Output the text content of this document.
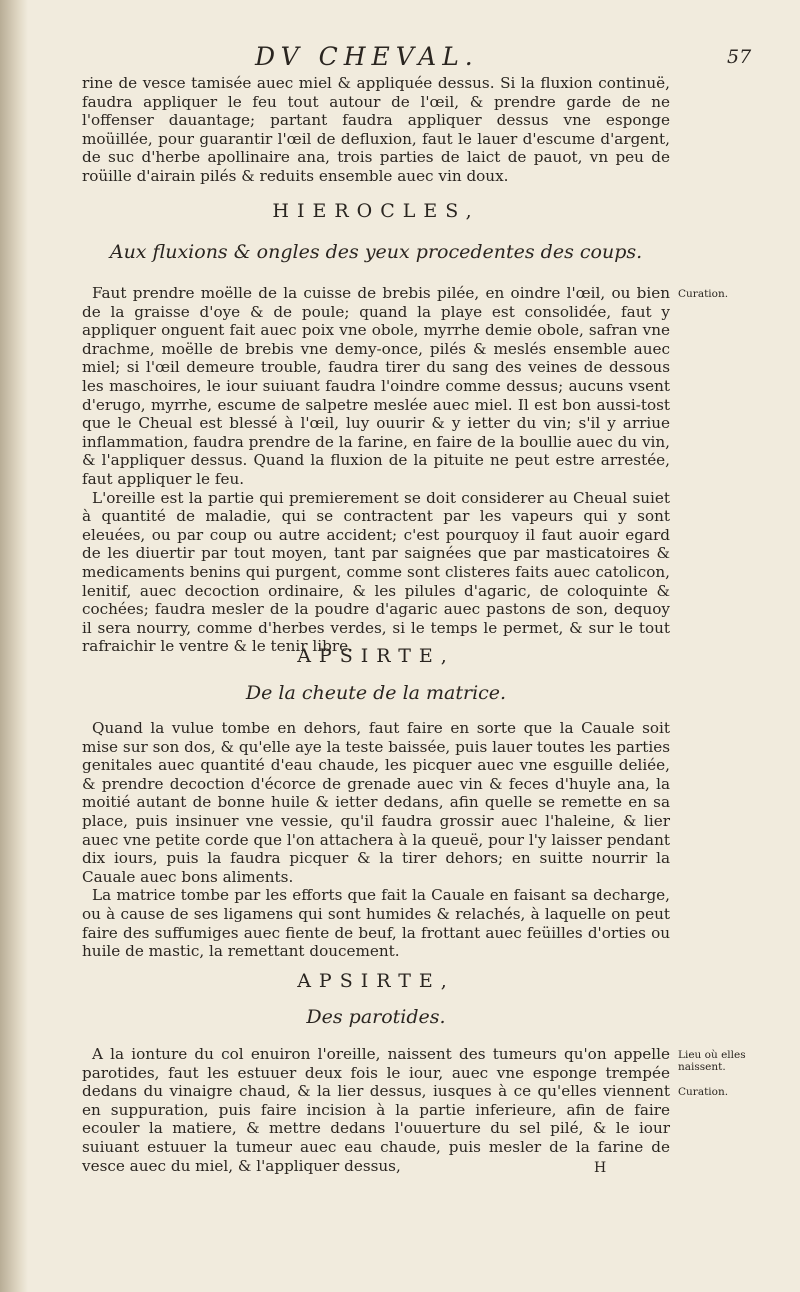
DV CHEVAL.	57

rine de vesce tamisée auec miel & appliquée dessus. Si la fluxion continuë, faudra appliquer le feu tout autour de l'œil, & prendre garde de ne l'offenser dauantage; partant faudra appliquer dessus vne esponge moüillée, pour guarantir l'œil de defluxion, faut le lauer d'escume d'argent, de suc d'herbe apollinaire ana, trois parties de laict de pauot, vn peu de roüille d'airain pilés & reduits ensemble auec vin doux.

HIEROCLES,
Aux fluxions & ongles des yeux procedentes des coups.

Faut prendre moëlle de la cuisse de brebis pilée, en oindre l'œil, ou bien de la graisse d'oye & de poule; quand la playe est consolidée, faut y appliquer onguent fait auec poix vne obole, myrrhe demie obole, safran vne drachme, moëlle de brebis vne demy-once, pilés & meslés ensemble auec miel; si l'œil demeure trouble, faudra tirer du sang des veines de dessous les maschoires, le iour suiuant faudra l'oindre comme dessus; aucuns vsent d'erugo, myrrhe, escume de salpetre meslée auec miel. Il est bon aussi-tost que le Cheual est blessé à l'œil, luy ouurir & y ietter du vin; s'il y arriue inflammation, faudra prendre de la farine, en faire de la boullie auec du vin, & l'appliquer dessus. Quand la fluxion de la pituite ne peut estre arrestée, faut appliquer le feu.

L'oreille est la partie qui premierement se doit considerer au Cheual suiet à quantité de maladie, qui se contractent par les vapeurs qui y sont eleuées, ou par coup ou autre accident; c'est pourquoy il faut auoir egard de les diuertir par tout moyen, tant par saignées que par masticatoires & medicaments benins qui purgent, comme sont clisteres faits auec catolicon, lenitif, auec decoction ordinaire, & les pilules d'agaric, de coloquinte & cochées; faudra mesler de la poudre d'agaric auec pastons de son, dequoy il sera nourry, comme d'herbes verdes, si le temps le permet, & sur le tout rafraichir le ventre & le tenir libre.

Curation.
APSIRTE,
De la cheute de la matrice.

Quand la vulue tombe en dehors, faut faire en sorte que la Cauale soit mise sur son dos, & qu'elle aye la teste baissée, puis lauer toutes les parties genitales auec quantité d'eau chaude, les picquer auec vne esguille deliée, & prendre decoction d'écorce de grenade auec vin & feces d'huyle ana, la moitié autant de bonne huile & ietter dedans, afin quelle se remette en sa place, puis insinuer vne vessie, qu'il faudra grossir auec l'haleine, & lier auec vne petite corde que l'on attachera à la queuë, pour l'y laisser pendant dix iours, puis la faudra picquer & la tirer dehors; en suitte nourrir la Cauale auec bons aliments.

La matrice tombe par les efforts que fait la Cauale en faisant sa decharge, ou à cause de ses ligamens qui sont humides & relachés, à laquelle on peut faire des suffumiges auec fiente de beuf, la frottant auec feüilles d'orties ou huile de mastic, la remettant doucement.

APSIRTE,
Des parotides.

A la ionture du col enuiron l'oreille, naissent des tumeurs qu'on appelle parotides, faut les estuuer deux fois le iour, auec vne esponge trempée dedans du vinaigre chaud, & la lier dessus, iusques à ce qu'elles viennent en suppuration, puis faire incision à la partie inferieure, afin de faire ecouler la matiere, & mettre dedans l'ouuerture du sel pilé, & le iour suiuant estuuer la tumeur auec eau chaude, puis mesler de la farine de vesce auec du miel, & l'appliquer dessus,

Lieu où elles naissent.
Curation.
H
